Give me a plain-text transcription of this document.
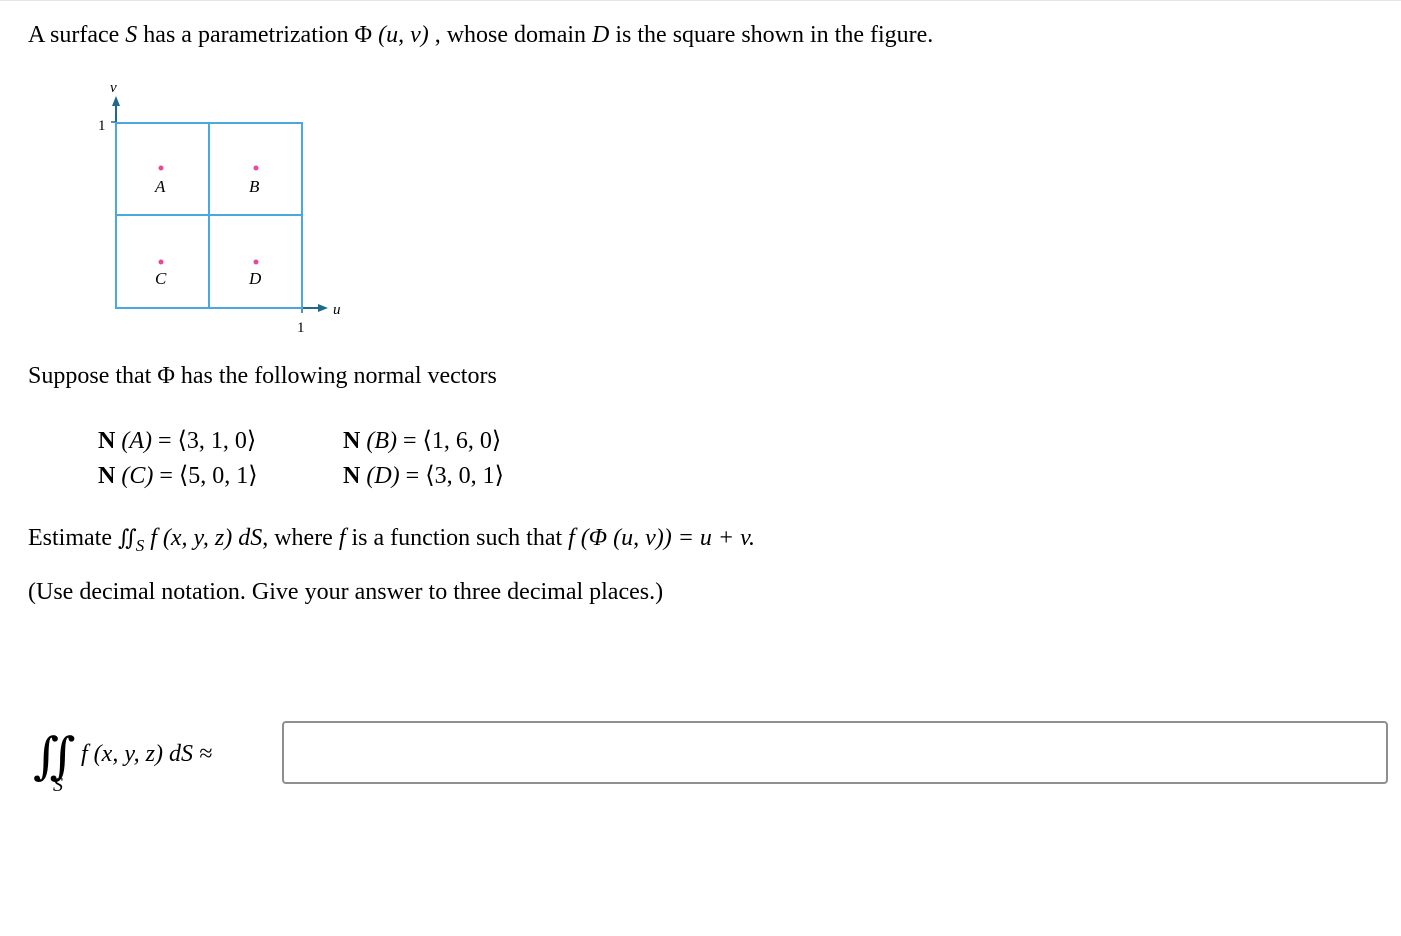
A surface S has a parametrization Φ (u, v) , whose domain D is the square shown in the figure.
v
u
1
1
A	B
C	D
Suppose that Φ has the following normal vectors
N (A) = ⟨3, 1, 0⟩	N (B) = ⟨1, 6, 0⟩
N (C) = ⟨5, 0, 1⟩	N (D) = ⟨3, 0, 1⟩
Estimate ∬ $_S$ f (x, y, z) dS, where f is a function such that f (Φ (u, v)) = u + v.
(Use decimal notation. Give your answer to three decimal places.)
∬
S
f (x, y, z) dS ≈
